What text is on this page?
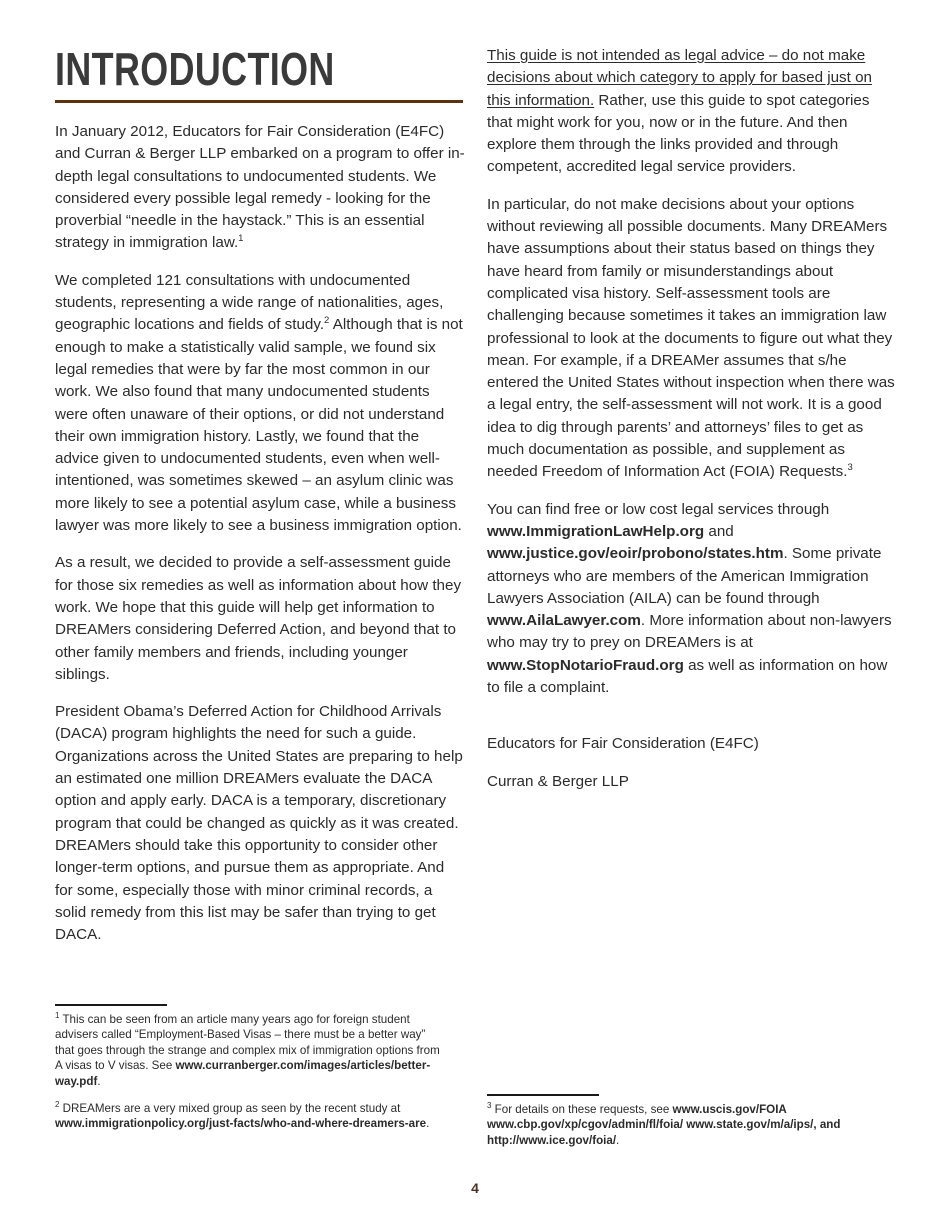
INTRODUCTION

In January 2012, Educators for Fair Consideration (E4FC) and Curran & Berger LLP embarked on a program to offer in-depth legal consultations to undocumented students. We considered every possible legal remedy - looking for the proverbial “needle in the haystack.” This is an essential strategy in immigration law.$^1$

We completed 121 consultations with undocumented students, representing a wide range of nationalities, ages, geographic locations and fields of study.$^2$ Although that is not enough to make a statistically valid sample, we found six legal remedies that were by far the most common in our work. We also found that many undocumented students were often unaware of their options, or did not understand their own immigration history. Lastly, we found that the advice given to undocumented students, even when well-intentioned, was sometimes skewed – an asylum clinic was more likely to see a potential asylum case, while a business lawyer was more likely to see a business immigration option.

As a result, we decided to provide a self-assessment guide for those six remedies as well as information about how they work. We hope that this guide will help get information to DREAMers considering Deferred Action, and beyond that to other family members and friends, including younger siblings.

President Obama’s Deferred Action for Childhood Arrivals (DACA) program highlights the need for such a guide. Organizations across the United States are preparing to help an estimated one million DREAMers evaluate the DACA option and apply early. DACA is a temporary, discretionary program that could be changed as quickly as it was created. DREAMers should take this opportunity to consider other longer-term options, and pursue them as appropriate. And for some, especially those with minor criminal records, a solid remedy from this list may be safer than trying to get DACA.

This guide is not intended as legal advice – do not make decisions about which category to apply for based just on this information. Rather, use this guide to spot categories that might work for you, now or in the future. And then explore them through the links provided and through competent, accredited legal service providers.

In particular, do not make decisions about your options without reviewing all possible documents. Many DREAMers have assumptions about their status based on things they have heard from family or misunderstandings about complicated visa history. Self-assessment tools are challenging because sometimes it takes an immigration law professional to look at the documents to figure out what they mean. For example, if a DREAMer assumes that s/he entered the United States without inspection when there was a legal entry, the self-assessment will not work. It is a good idea to dig through parents’ and attorneys’ files to get as much documentation as possible, and supplement as needed Freedom of Information Act (FOIA) Requests.$^3$

You can find free or low cost legal services through www.ImmigrationLawHelp.org and www.justice.gov/eoir/probono/states.htm. Some private attorneys who are members of the American Immigration Lawyers Association (AILA) can be found through www.AilaLawyer.com. More information about non-lawyers who may try to prey on DREAMers is at www.StopNotarioFraud.org as well as information on how to file a complaint.

Educators for Fair Consideration (E4FC)

Curran & Berger LLP

$^1$ This can be seen from an article many years ago for foreign student advisers called “Employment-Based Visas – there must be a better way” that goes through the strange and complex mix of immigration options from A visas to V visas. See www.curranberger.com/images/articles/better-way.pdf.

$^2$ DREAMers are a very mixed group as seen by the recent study at www.immigrationpolicy.org/just-facts/who-and-where-dreamers-are.

$^3$ For details on these requests, see www.uscis.gov/FOIA www.cbp.gov/xp/cgov/admin/fl/foia/ www.state.gov/m/a/ips/, and http://www.ice.gov/foia/.

4
